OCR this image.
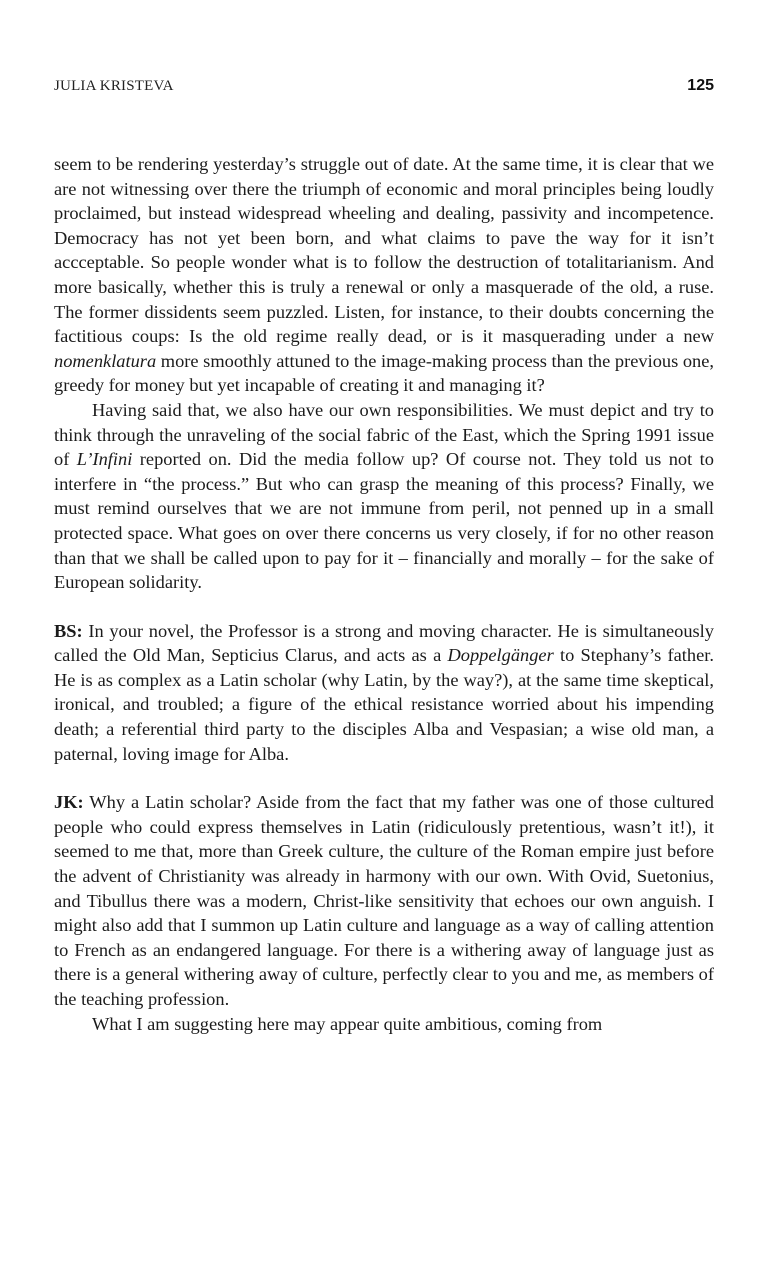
JULIA KRISTEVA	125

seem to be rendering yesterday’s struggle out of date. At the same time, it is clear that we are not witnessing over there the triumph of economic and moral principles being loudly proclaimed, but instead widespread wheeling and dealing, passivity and incompetence. Democracy has not yet been born, and what claims to pave the way for it isn’t accceptable. So people wonder what is to follow the destruction of totalitarianism. And more basically, whether this is truly a renewal or only a masquerade of the old, a ruse. The former dissidents seem puzzled. Listen, for instance, to their doubts concerning the factitious coups: Is the old regime really dead, or is it masquerading under a new nomenklatura more smoothly attuned to the image-making process than the previous one, greedy for money but yet incapable of creating it and managing it?

Having said that, we also have our own responsibilities. We must depict and try to think through the unraveling of the social fabric of the East, which the Spring 1991 issue of L’Infini reported on. Did the media follow up? Of course not. They told us not to interfere in “the process.” But who can grasp the meaning of this process? Finally, we must remind ourselves that we are not immune from peril, not penned up in a small protected space. What goes on over there concerns us very closely, if for no other reason than that we shall be called upon to pay for it – financially and morally – for the sake of European solidarity.

BS: In your novel, the Professor is a strong and moving character. He is simultaneously called the Old Man, Septicius Clarus, and acts as a Doppelgänger to Stephany’s father. He is as complex as a Latin scholar (why Latin, by the way?), at the same time skeptical, ironical, and troubled; a figure of the ethical resistance worried about his impending death; a referential third party to the disciples Alba and Vespasian; a wise old man, a paternal, loving image for Alba.

JK: Why a Latin scholar? Aside from the fact that my father was one of those cultured people who could express themselves in Latin (ridiculously pretentious, wasn’t it!), it seemed to me that, more than Greek culture, the culture of the Roman empire just before the advent of Christianity was already in harmony with our own. With Ovid, Suetonius, and Tibullus there was a modern, Christ-like sensitivity that echoes our own anguish. I might also add that I summon up Latin culture and language as a way of calling attention to French as an endangered language. For there is a withering away of language just as there is a general withering away of culture, perfectly clear to you and me, as members of the teaching profession.

What I am suggesting here may appear quite ambitious, coming from
